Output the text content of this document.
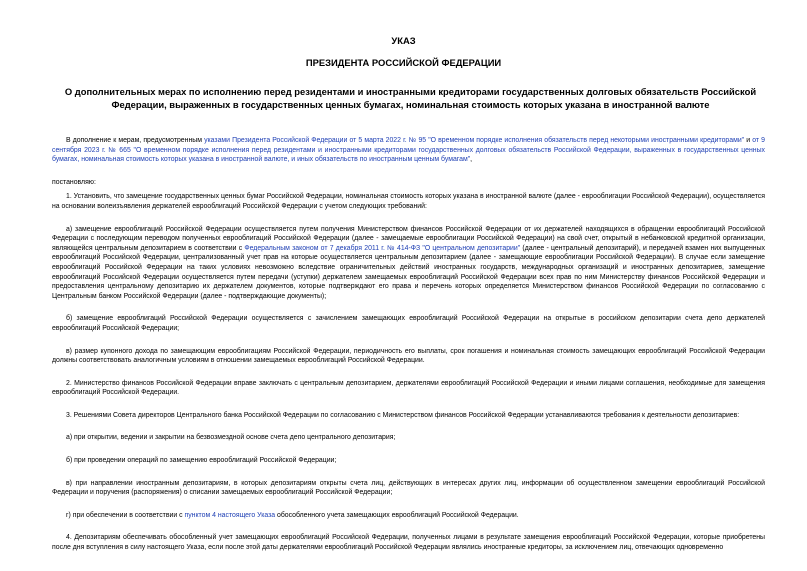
УКАЗ
ПРЕЗИДЕНТА РОССИЙСКОЙ ФЕДЕРАЦИИ
О дополнительных мерах по исполнению перед резидентами и иностранными кредиторами государственных долговых обязательств Российской Федерации, выраженных в государственных ценных бумагах, номинальная стоимость которых указана в иностранной валюте

В дополнение к мерам, предусмотренным указами Президента Российской Федерации от 5 марта 2022 г. № 95 "О временном порядке исполнения обязательств перед некоторыми иностранными кредиторами" и от 9 сентября 2023 г. № 665 "О временном порядке исполнения перед резидентами и иностранными кредиторами государственных долговых обязательств Российской Федерации, выраженных в государственных ценных бумагах, номинальная стоимость которых указана в иностранной валюте, и иных обязательств по иностранным ценным бумагам",

постановляю:

1. Установить, что замещение государственных ценных бумаг Российской Федерации, номинальная стоимость которых указана в иностранной валюте (далее - еврооблигации Российской Федерации), осуществляется на основании волеизъявления держателей еврооблигаций Российской Федерации с учетом следующих требований:

а) замещение еврооблигаций Российской Федерации осуществляется путем получения Министерством финансов Российской Федерации от их держателей находящихся в обращении еврооблигаций Российской Федерации с последующим переводом полученных еврооблигаций Российской Федерации (далее - замещаемые еврооблигации Российской Федерации) на свой счет, открытый в небанковской кредитной организации, являющейся центральным депозитарием в соответствии с Федеральным законом от 7 декабря 2011 г. № 414-ФЗ "О центральном депозитарии" (далее - центральный депозитарий), и передачей взамен них выпущенных еврооблигаций Российской Федерации, централизованный учет прав на которые осуществляется центральным депозитарием (далее - замещающие еврооблигации Российской Федерации). В случае если замещение еврооблигаций Российской Федерации на таких условиях невозможно вследствие ограничительных действий иностранных государств, международных организаций и иностранных депозитариев, замещение еврооблигаций Российской Федерации осуществляется путем передачи (уступки) держателем замещаемых еврооблигаций Российской Федерации всех прав по ним Министерству финансов Российской Федерации и предоставления центральному депозитарию их держателем документов, которые подтверждают его права и перечень которых определяется Министерством финансов Российской Федерации по согласованию с Центральным банком Российской Федерации (далее - подтверждающие документы);

б) замещение еврооблигаций Российской Федерации осуществляется с зачислением замещающих еврооблигаций Российской Федерации на открытые в российском депозитарии счета депо держателей еврооблигаций Российской Федерации;

в) размер купонного дохода по замещающим еврооблигациям Российской Федерации, периодичность его выплаты, срок погашения и номинальная стоимость замещающих еврооблигаций Российской Федерации должны соответствовать аналогичным условиям в отношении замещаемых еврооблигаций Российской Федерации.

2. Министерство финансов Российской Федерации вправе заключать с центральным депозитарием, держателями еврооблигаций Российской Федерации и иными лицами соглашения, необходимые для замещения еврооблигаций Российской Федерации.

3. Решениями Совета директоров Центрального банка Российской Федерации по согласованию с Министерством финансов Российской Федерации устанавливаются требования к деятельности депозитариев:

а) при открытии, ведении и закрытии на безвозмездной основе счета депо центрального депозитария;

б) при проведении операций по замещению еврооблигаций Российской Федерации;

в) при направлении иностранным депозитариям, в которых депозитариям открыты счета лиц, действующих в интересах других лиц, информации об осуществленном замещении еврооблигаций Российской Федерации и поручения (распоряжения) о списании замещаемых еврооблигаций Российской Федерации;

г) при обеспечении в соответствии с пунктом 4 настоящего Указа обособленного учета замещающих еврооблигаций Российской Федерации.

4. Депозитариям обеспечивать обособленный учет замещающих еврооблигаций Российской Федерации, полученных лицами в результате замещения еврооблигаций Российской Федерации, которые приобретены после дня вступления в силу настоящего Указа, если после этой даты держателями еврооблигаций Российской Федерации являлись иностранные кредиторы, за исключением лиц, отвечающих одновременно
